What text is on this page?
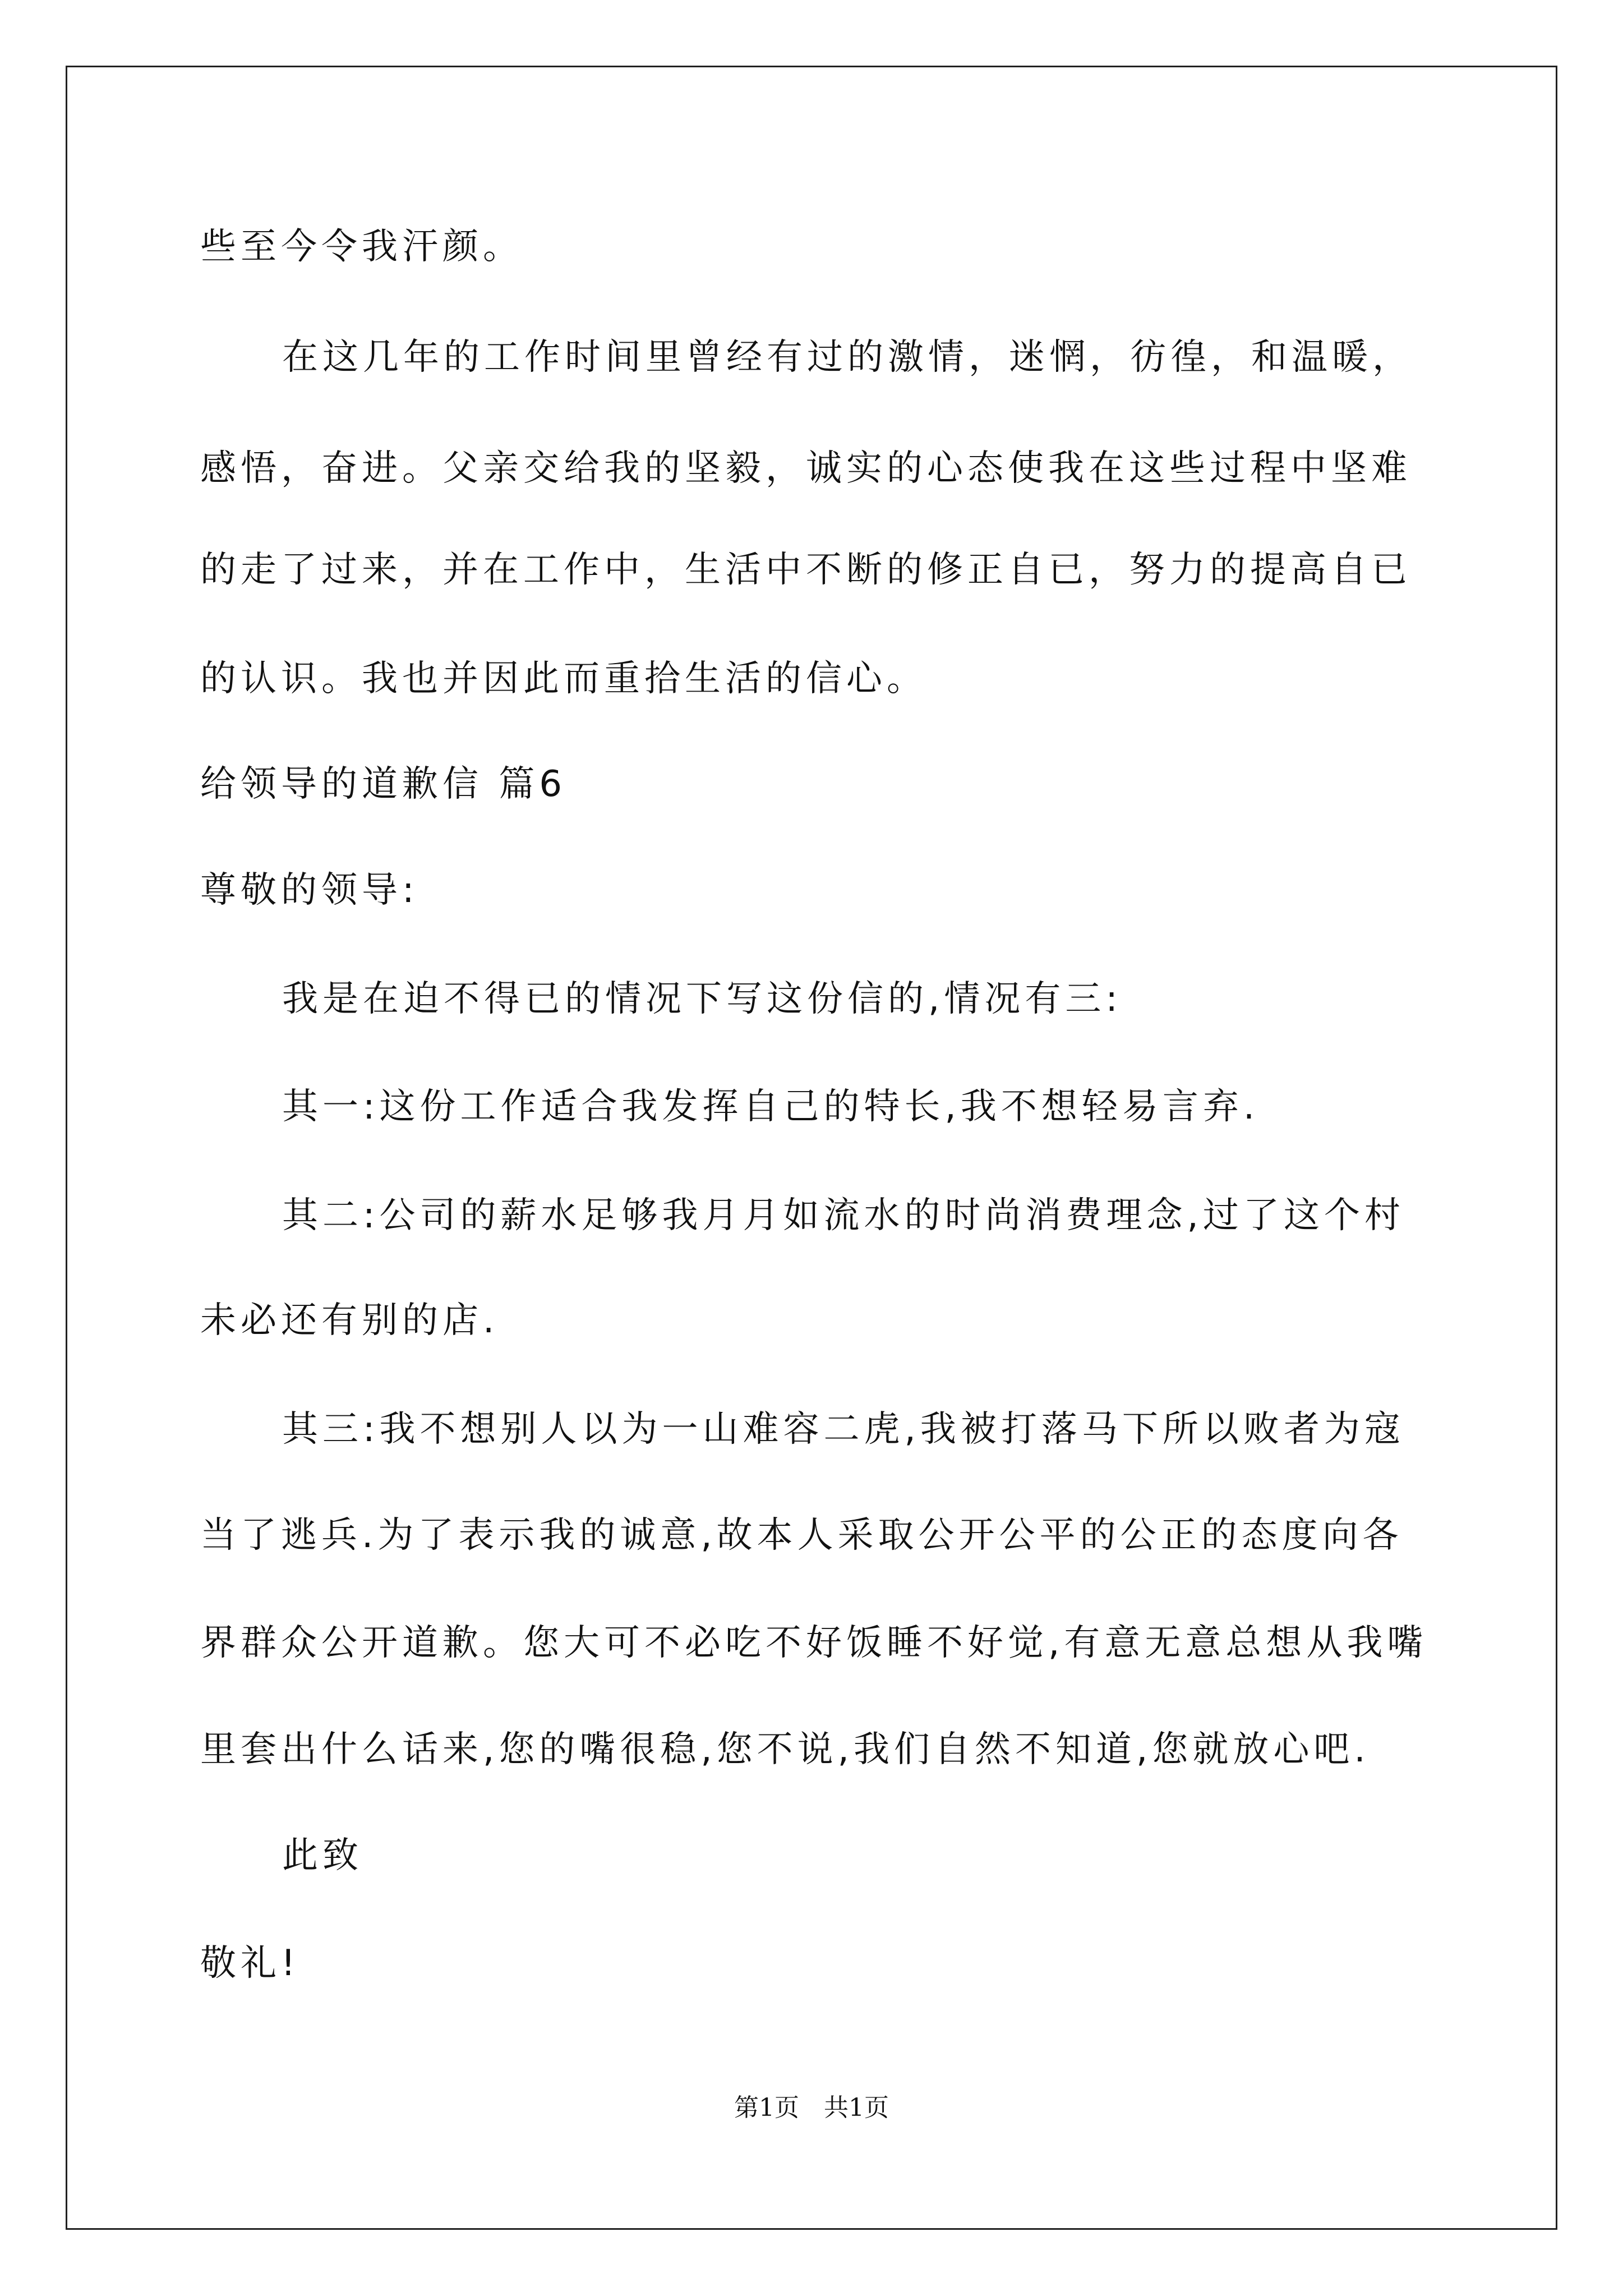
些至今令我汗颜。
在这几年的工作时间里曾经有过的激情，迷惘，彷徨，和温暖，
感悟，奋进。父亲交给我的坚毅，诚实的心态使我在这些过程中坚难
的走了过来，并在工作中，生活中不断的修正自已，努力的提高自已
的认识。我也并因此而重拾生活的信心。
给领导的道歉信 篇6
尊敬的领导:
我是在迫不得已的情况下写这份信的,情况有三:
其一:这份工作适合我发挥自己的特长,我不想轻易言弃.
其二:公司的薪水足够我月月如流水的时尚消费理念,过了这个村
未必还有别的店.
其三:我不想别人以为一山难容二虎,我被打落马下所以败者为寇
当了逃兵.为了表示我的诚意,故本人采取公开公平的公正的态度向各
界群众公开道歉。您大可不必吃不好饭睡不好觉,有意无意总想从我嘴
里套出什么话来,您的嘴很稳,您不说,我们自然不知道,您就放心吧.
此致
敬礼!
第1页　共1页
